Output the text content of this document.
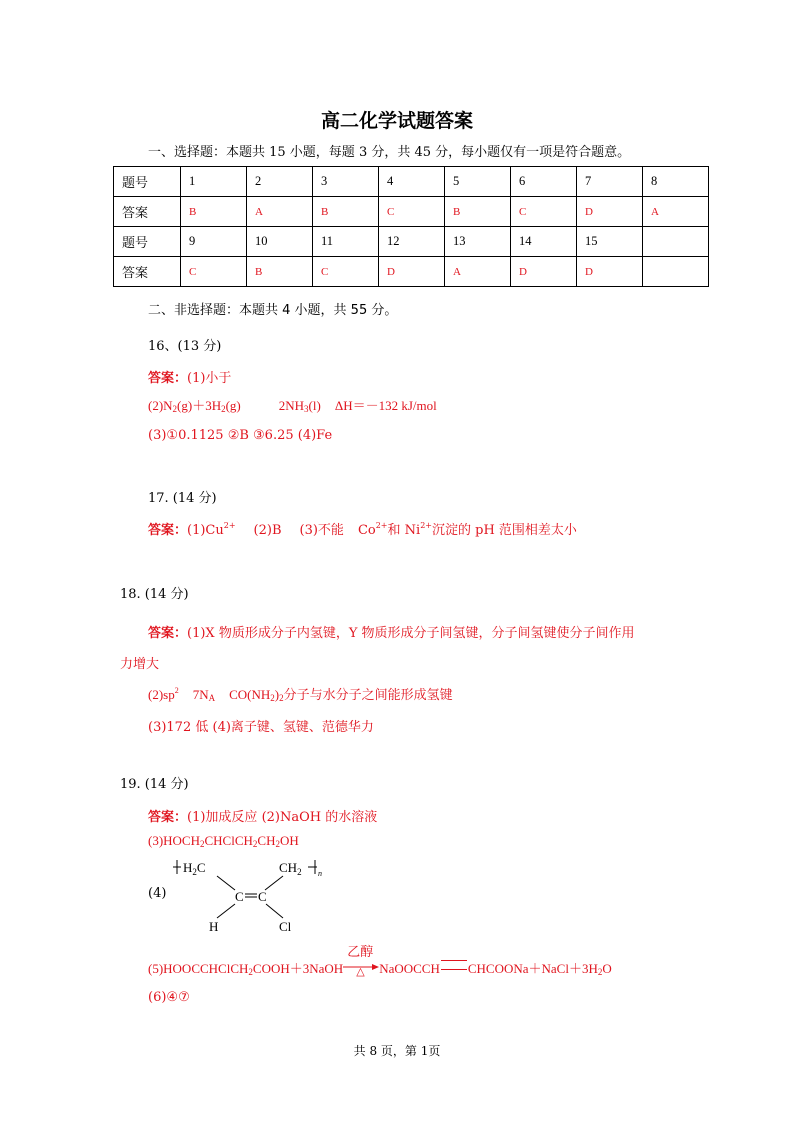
高二化学试题答案
一、选择题：本题共 15 小题，每题 3 分，共 45 分，每小题仅有一项是符合题意。
题号	1	2	3	4	5	6	7	8
答案	B	A	B	C	B	C	D	A
题号	9	10	11	12	13	14	15	
答案	C	B	C	D	A	D	D	
二、非选择题：本题共 4 小题，共 55 分。
16、(13 分)
答案：(1)小于
$(2)N_2(g)+3H_2(g)$	$2NH_3(l)$ ΔH＝－132 kJ/mol
(3)①0.1125 ②B ③6.25 (4)Fe
17. (14 分)
答案：$(1)Cu^{2+}$ (2)B (3)不能 $Co^{2+}$和 $Ni^{2+}$沉淀的 pH 范围相差太小
18. (14 分)
答案：(1)X 物质形成分子内氢键，Y 物质形成分子间氢键，分子间氢键使分子间作用
力增大
$(2)sp^2$ $7N_A$ $CO(NH_2)_2$分子与水分子之间能形成氢键
(3)172 低 (4)离子键、氢键、范德华力
19. (14 分)
答案：(1)加成反应 (2)NaOH 的水溶液
$(3)HOCH_2CHClCH_2CH_2OH$
(4)
$H_2C$	$CH_2$ n
C C
H	Cl
(5)HOOCCHClCH$_2$COOH＋3NaOH
乙醇
△ NaOOCCH $CHCOONa+NaCl+3H_2O$
(6)④⑦
共 8 页，第 1页
